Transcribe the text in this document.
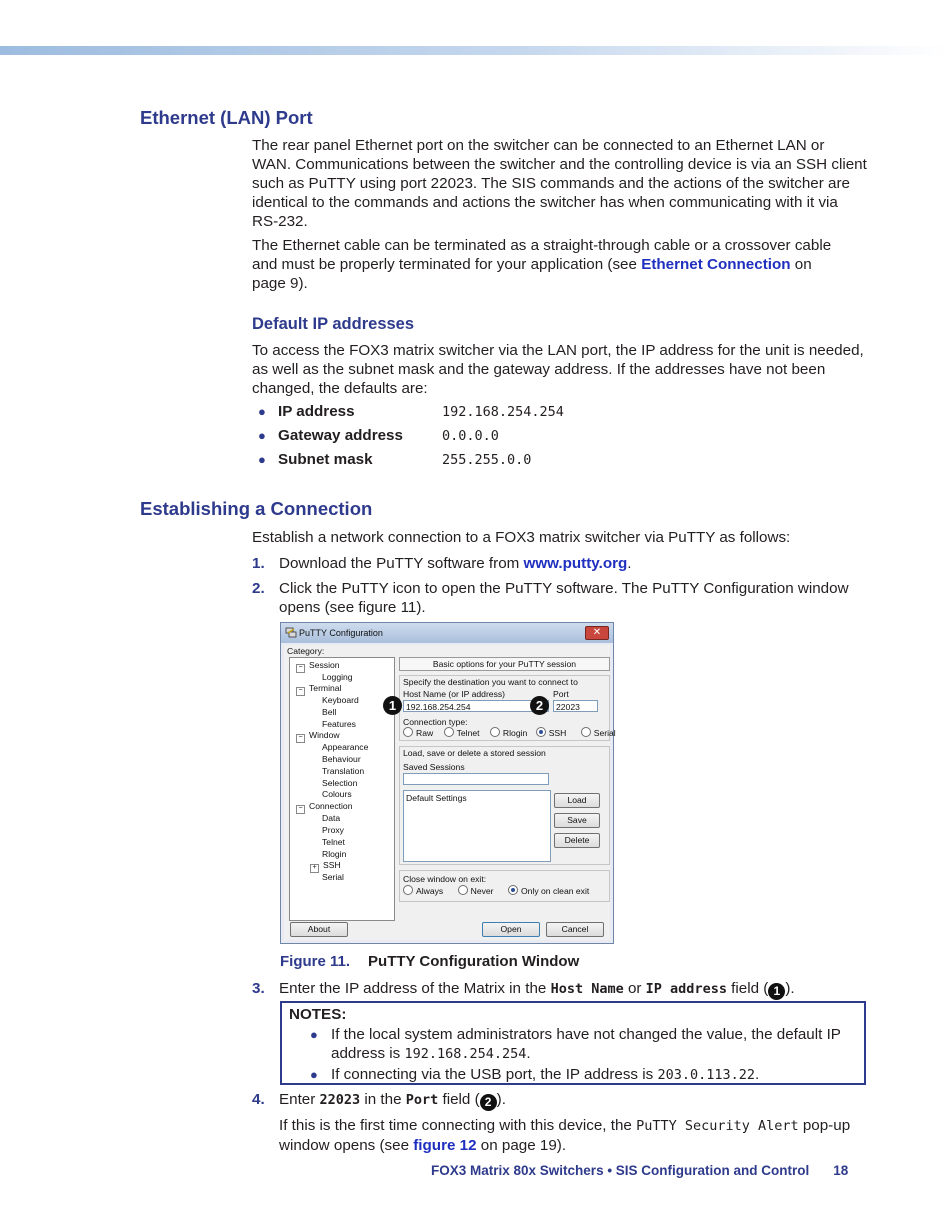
Ethernet (LAN) Port
The rear panel Ethernet port on the switcher can be connected to an Ethernet LAN or
WAN. Communications between the switcher and the controlling device is via an SSH client
such as PuTTY using port 22023. The SIS commands and the actions of the switcher are
identical to the commands and actions the switcher has when communicating with it via
RS-232.
The Ethernet cable can be terminated as a straight-through cable or a crossover cable
and must be properly terminated for your application (see Ethernet Connection on
page 9).
Default IP addresses
To access the FOX3 matrix switcher via the LAN port, the IP address for the unit is needed,
as well as the subnet mask and the gateway address. If the addresses have not been
changed, the defaults are:
● IP address	192.168.254.254
● Gateway address	0.0.0.0
● Subnet mask	255.255.0.0
Establishing a Connection
Establish a network connection to a FOX3 matrix switcher via PuTTY as follows:
1. Download the PuTTY software from www.putty.org.
2. Click the PuTTY icon to open the PuTTY software. The PuTTY Configuration window
opens (see figure 11).
PuTTY Configuration	✕
Category:
− Session
Logging
− Terminal
Keyboard
Bell
Features
− Window
Appearance
Behaviour
Translation
Selection
Colours
− Connection
Data
Proxy
Telnet
Rlogin
+ SSH
Serial
Basic options for your PuTTY session
Specify the destination you want to connect to
Host Name (or IP address)	Port
192.168.254.254	22023
Connection type:
Raw	Telnet	Rlogin SSH	Serial
Load, save or delete a stored session
Saved Sessions
Default Settings	Load
Save
Delete
Close window on exit:
Always	Never	Only on clean exit
About	Open	Cancel
1	2
Figure 11. PuTTY Configuration Window
3. Enter the IP address of the Matrix in the Host Name or IP address field ( 1 ).
NOTES:
● If the local system administrators have not changed the value, the default IP
address is 192.168.254.254.
● If connecting via the USB port, the IP address is 203.0.113.22.
4. Enter 22023 in the Port field ( 2 ).
If this is the first time connecting with this device, the PuTTY Security Alert pop-up
window opens (see figure 12 on page 19).
FOX3 Matrix 80x Switchers • SIS Configuration and Control 18
